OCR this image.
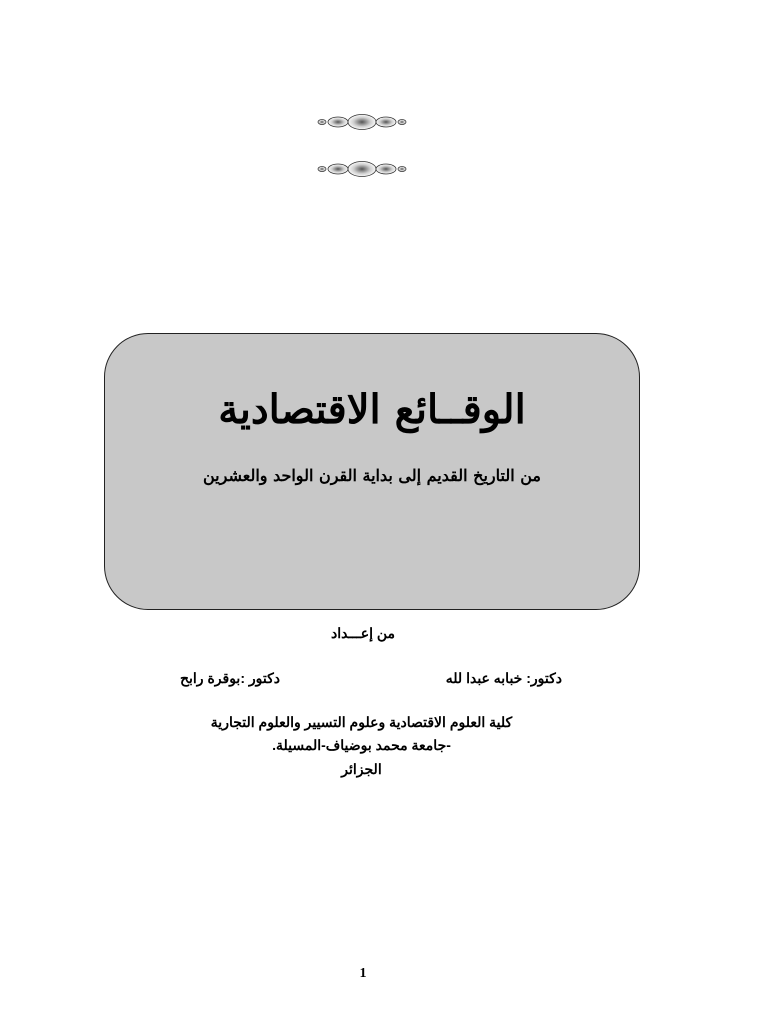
الوقــائع الاقتصادية

من التاريخ القديم إلى بداية القرن الواحد والعشرين

من إعـــداد
دكتور: خبابه عبدا لله
دكتور :بوقرة رابح
كلية العلوم الاقتصادية وعلوم التسيير والعلوم التجارية
-جامعة محمد بوضياف-المسيلة.
الجزائر
1
